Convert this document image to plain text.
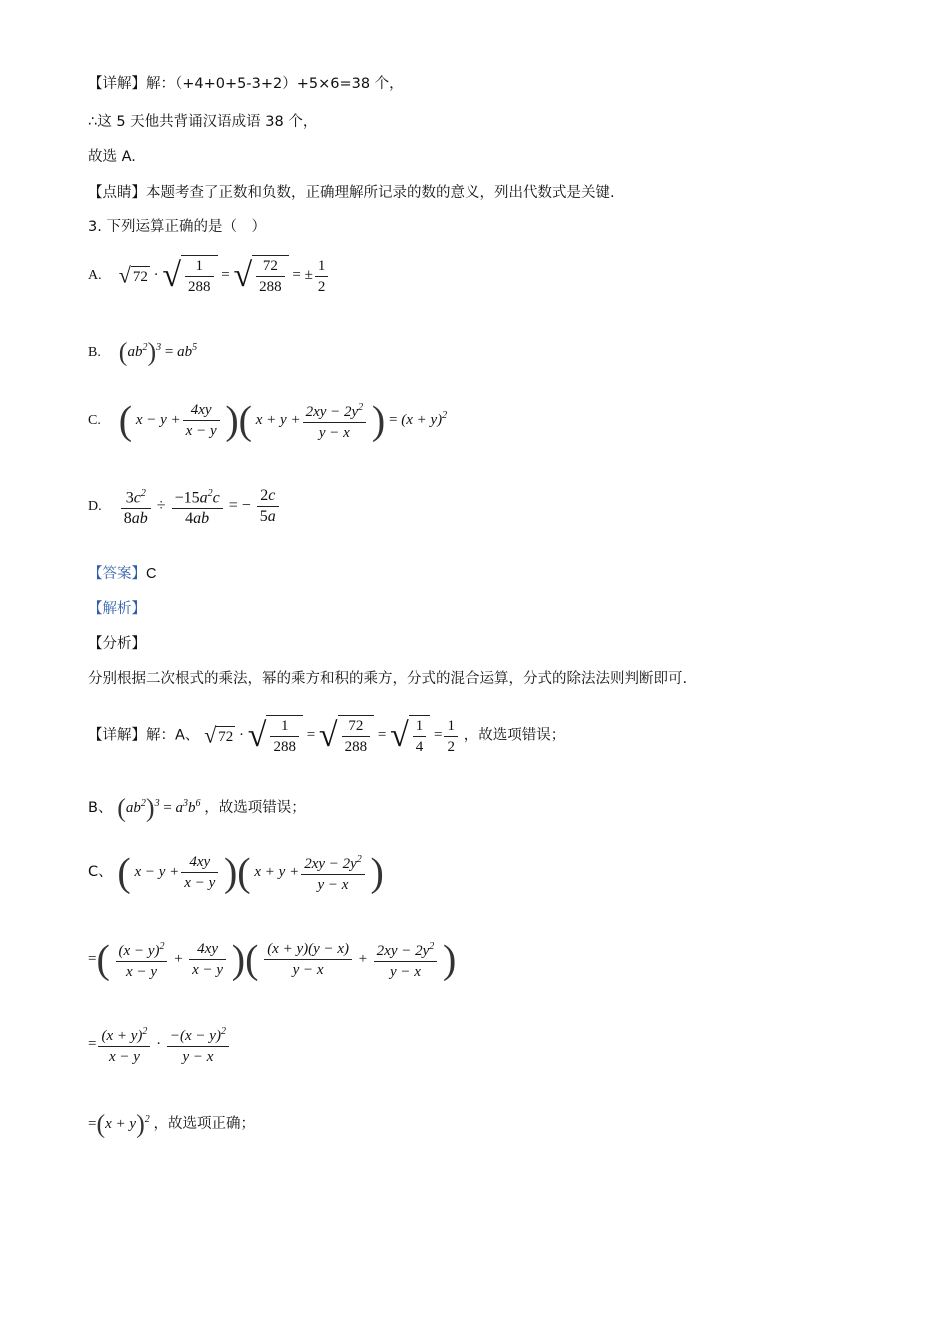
【详解】解：（+4+0+5-3+2）+5×6=38 个，
∴这 5 天他共背诵汉语成语 38 个，
故选 A.
【点睛】本题考查了正数和负数，正确理解所记录的数的意义，列出代数式是关键.
3. 下列运算正确的是（　）
A. √ 72 · √ $\frac{1}{288}$ = √ $\frac{72}{288}$ = ± $\frac{1}{2}$
B. $(ab^2)^3 = ab^5$
C. ( $x - y + \frac{4xy}{x - y}$ )( $x + y + \frac{2xy - 2y^2}{y - x}$ ) = $(x + y)^2$
D. $\frac{3c^2}{8ab} \div \frac{-15a^2c}{4ab}$ = − $\frac{2c}{5a}$
【答案】C
【解析】
【分析】
分别根据二次根式的乘法，幂的乘方和积的乘方，分式的混合运算，分式的除法法则判断即可.
【详解】解：A、 √ 72 · √ $\frac{1}{288}$ = √ $\frac{72}{288}$ = √ $\frac{1}{4} = \frac{1}{2}$ ，故选项错误；
B、 $(ab^2)^3 = a^3b^6$ ，故选项错误；
C、 ( $x - y + \frac{4xy}{x - y}$ )( $x + y + \frac{2xy - 2y^2}{y - x}$ )
=( $\frac{(x - y)^2}{x - y} + \frac{4xy}{x - y}$ )( $\frac{(x + y)(y - x)}{y - x} + \frac{2xy - 2y^2}{y - x}$ )
= $\frac{(x + y)^2}{x - y} \cdot \frac{-(x - y)^2}{y - x}$
$=(x + y)^2$ ，故选项正确；
